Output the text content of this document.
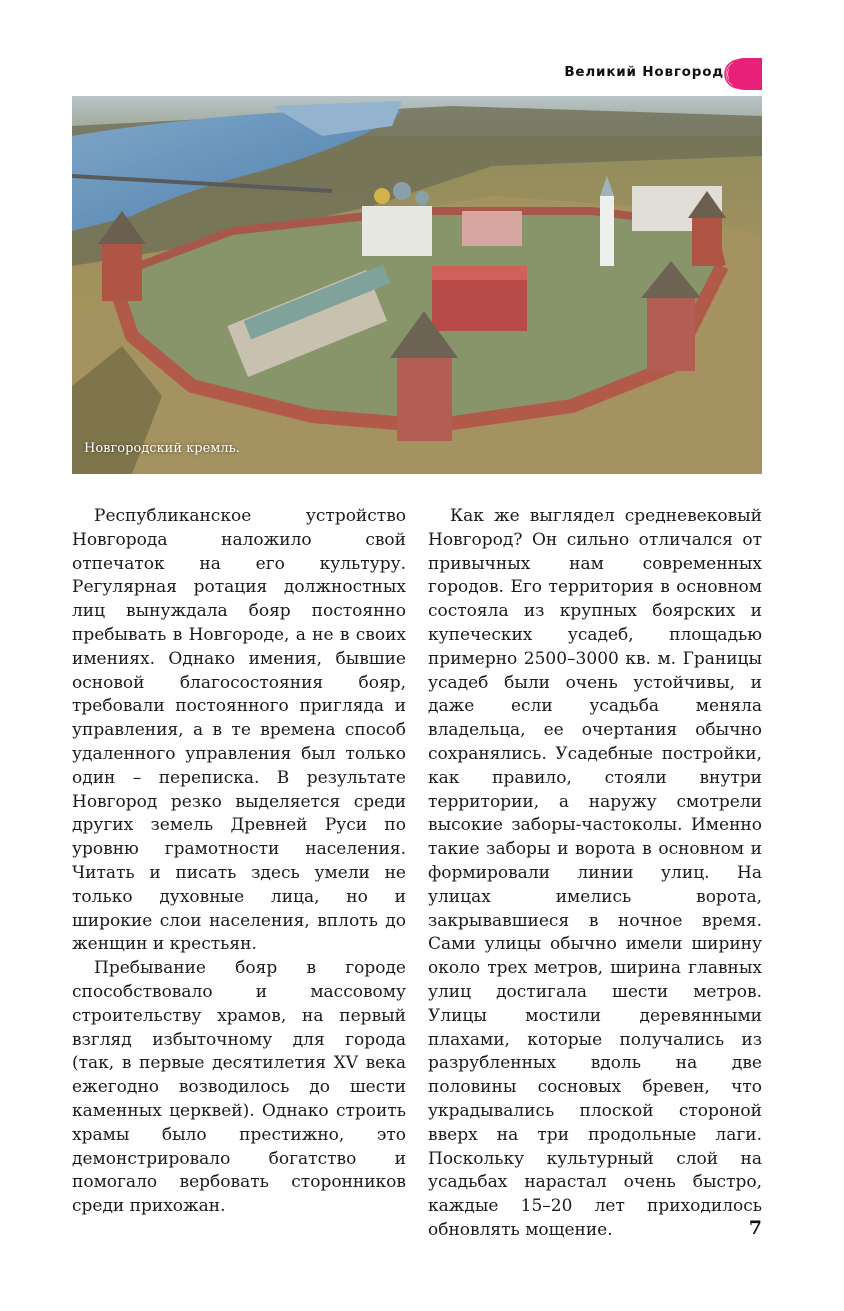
Великий Новгород
Новгородский кремль.

Республиканское устройство Новгорода наложило свой отпечаток на его культуру. Регулярная ротация должностных лиц вынуждала бояр постоянно пребывать в Новгороде, а не в своих имениях. Однако имения, бывшие основой благосостояния бояр, требовали постоянного пригляда и управления, а в те времена способ удаленного управления был только один – переписка. В результате Новгород резко выделяется среди других земель Древней Руси по уровню грамотности населения. Читать и писать здесь умели не только духовные лица, но и широкие слои населения, вплоть до женщин и крестьян.

Пребывание бояр в городе способствовало и массовому строительству храмов, на первый взгляд избыточному для города (так, в первые десятилетия XV века ежегодно возводилось до шести каменных церквей). Однако строить храмы было престижно, это демонстрировало богатство и помогало вербовать сторонников среди прихожан.

Как же выглядел средневековый Новгород? Он сильно отличался от привычных нам современных городов. Его территория в основном состояла из крупных боярских и купеческих усадеб, площадью примерно 2500–3000 кв. м. Границы усадеб были очень устойчивы, и даже если усадьба меняла владельца, ее очертания обычно сохранялись. Усадебные постройки, как правило, стояли внутри территории, а наружу смотрели высокие заборы-частоколы. Именно такие заборы и ворота в основном и формировали линии улиц. На улицах имелись ворота, закрывавшиеся в ночное время. Сами улицы обычно имели ширину около трех метров, ширина главных улиц достигала шести метров. Улицы мостили деревянными плахами, которые получались из разрубленных вдоль на две половины сосновых бревен, что укрaдывались плоской стороной вверх на три продольные лаги. Поскольку культурный слой на усадьбах нарастал очень быстро, каждые 15–20 лет приходилось обновлять мощение.	7
